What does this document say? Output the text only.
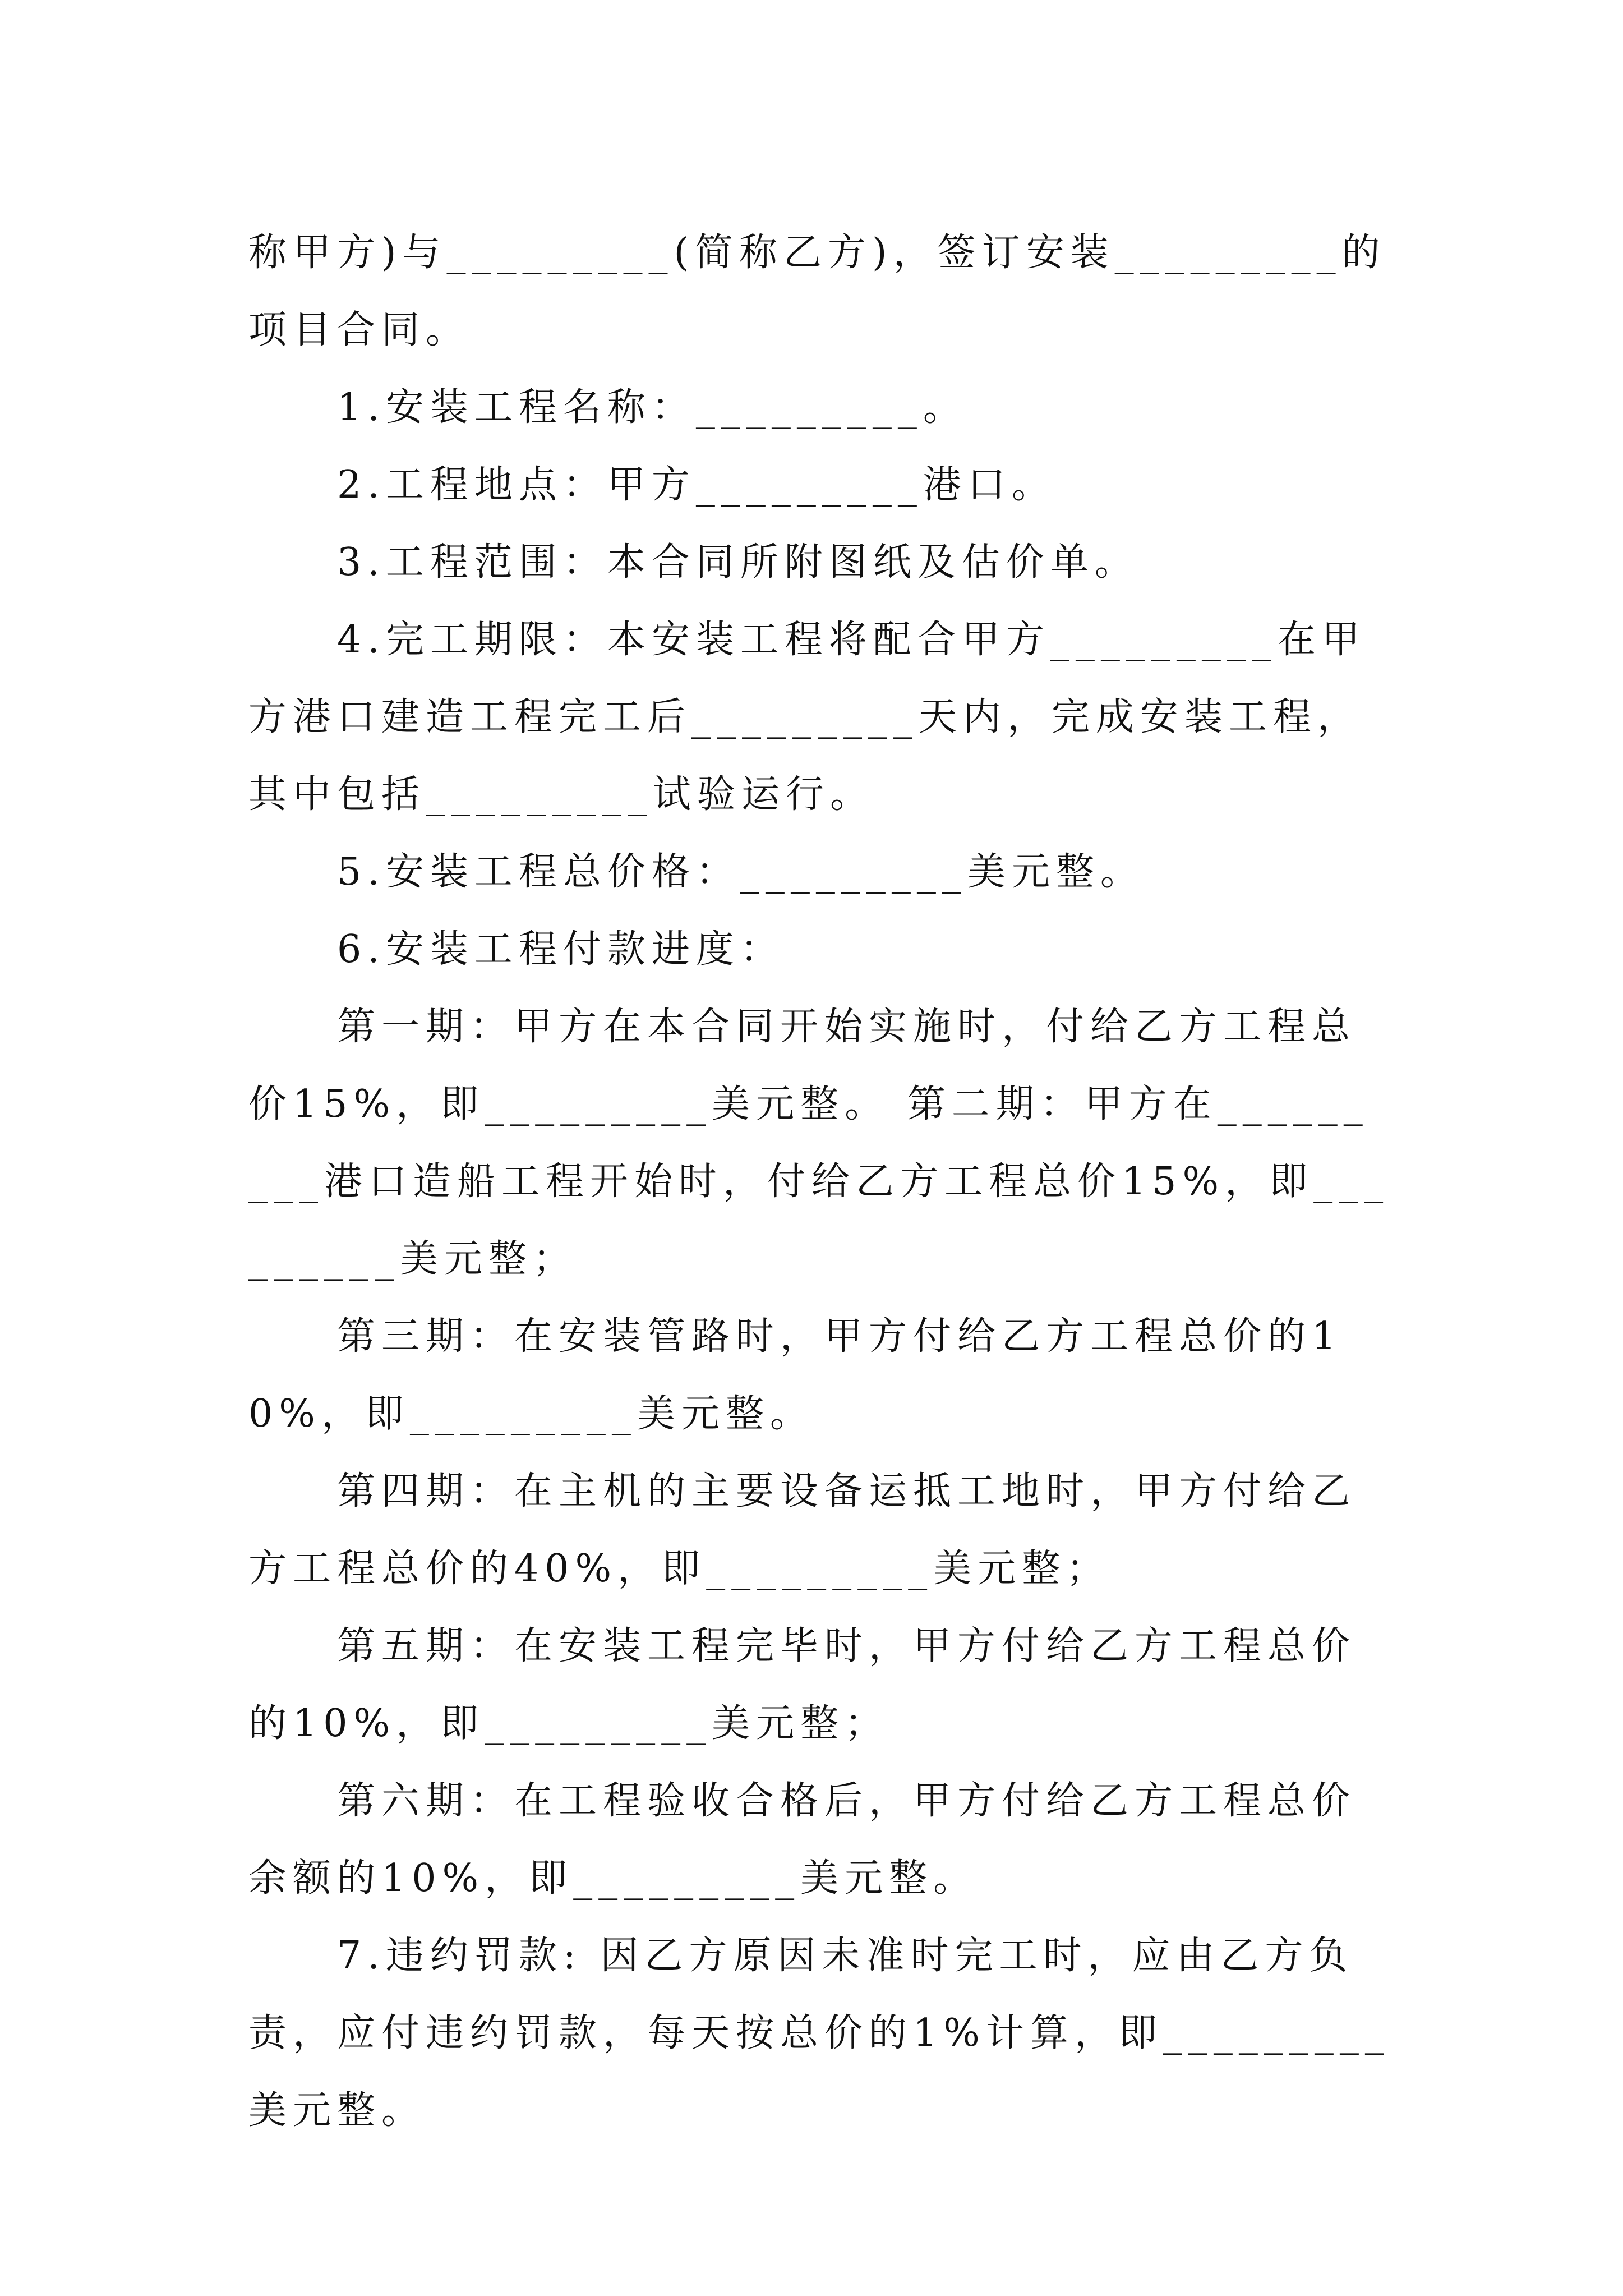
称甲方)与_________(简称乙方)，签订安装_________的项目合同。

1.安装工程名称：_________。

2.工程地点：甲方_________港口。

3.工程范围：本合同所附图纸及估价单。

4.完工期限：本安装工程将配合甲方_________在甲方港口建造工程完工后_________天内，完成安装工程，其中包括_________试验运行。

5.安装工程总价格：_________美元整。

6.安装工程付款进度：

第一期：甲方在本合同开始实施时，付给乙方工程总价15%，即_________美元整。 第二期：甲方在_________港口造船工程开始时，付给乙方工程总价15%，即_________美元整；

第三期：在安装管路时，甲方付给乙方工程总价的10%，即_________美元整。

第四期：在主机的主要设备运抵工地时，甲方付给乙方工程总价的40%，即_________美元整；

第五期：在安装工程完毕时，甲方付给乙方工程总价的10%，即_________美元整；

第六期：在工程验收合格后，甲方付给乙方工程总价余额的10%，即_________美元整。

7.违约罚款: 因乙方原因未准时完工时，应由乙方负责，应付违约罚款，每天按总价的1%计算，即_________美元整。
